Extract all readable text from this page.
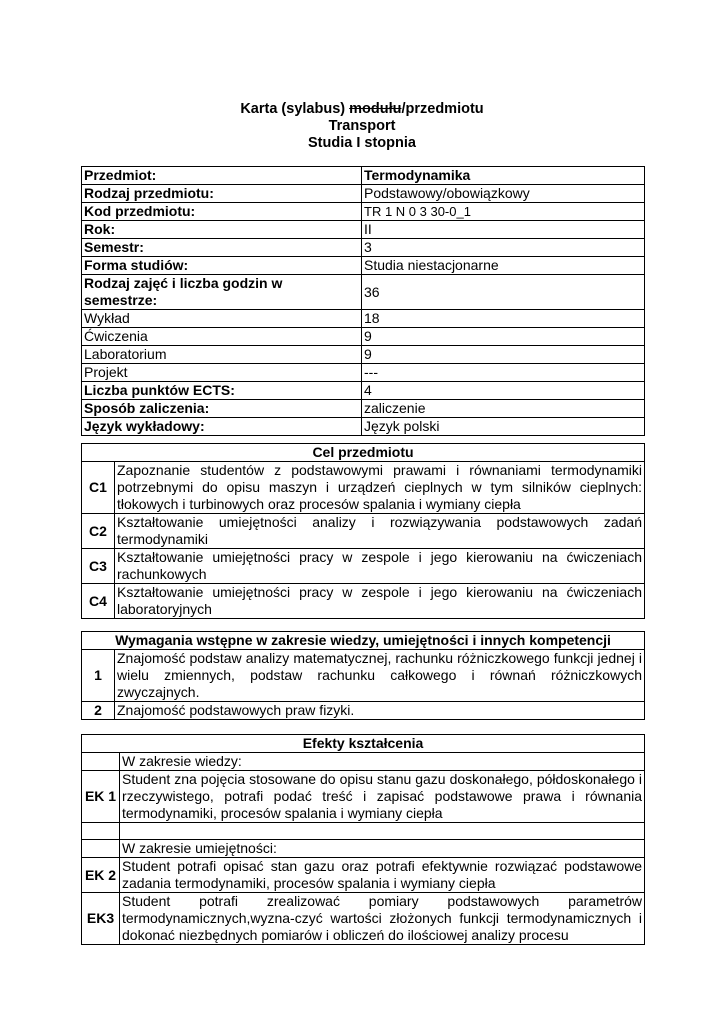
Karta (sylabus) modułu/przedmiotu
Transport
Studia I stopnia
Przedmiot:	Termodynamika
Rodzaj przedmiotu:	Podstawowy/obowiązkowy
Kod przedmiotu:	TR 1 N 0 3 30-0_1
Rok:	II
Semestr:	3
Forma studiów:	Studia niestacjonarne
Rodzaj zajęć i liczba godzin w semestrze:	36
Wykład	18
Ćwiczenia	9
Laboratorium	9
Projekt	---
Liczba punktów ECTS:	4
Sposób zaliczenia:	zaliczenie
Język wykładowy:	Język polski
Cel przedmiotu	
C1	Zapoznanie studentów z podstawowymi prawami i równaniami termodynamiki potrzebnymi do opisu maszyn i urządzeń cieplnych w tym silników cieplnych: tłokowych i turbinowych oraz procesów spalania i wymiany ciepła
C2	Kształtowanie umiejętności analizy i rozwiązywania podstawowych zadań termodynamiki
C3	Kształtowanie umiejętności pracy w zespole i jego kierowaniu na ćwiczeniach rachunkowych
C4	Kształtowanie umiejętności pracy w zespole i jego kierowaniu na ćwiczeniach laboratoryjnych
Wymagania wstępne w zakresie wiedzy, umiejętności i innych kompetencji	
1	Znajomość podstaw analizy matematycznej, rachunku różniczkowego funkcji jednej i wielu zmiennych, podstaw rachunku całkowego i równań różniczkowych zwyczajnych.
2	Znajomość podstawowych praw fizyki.
Efekty kształcenia	
	W zakresie wiedzy:
EK 1	Student zna pojęcia stosowane do opisu stanu gazu doskonałego, półdoskonałego i rzeczywistego, potrafi podać treść i zapisać podstawowe prawa i równania termodynamiki, procesów spalania i wymiany ciepła

	W zakresie umiejętności:
EK 2	Student potrafi opisać stan gazu oraz potrafi efektywnie rozwiązać podstawowe zadania termodynamiki, procesów spalania i wymiany ciepła
EK3	Student potrafi zrealizować pomiary podstawowych parametrów termodynamicznych,wyzna-czyć wartości złożonych funkcji termodynamicznych i dokonać niezbędnych pomiarów i obliczeń do ilościowej analizy procesu
